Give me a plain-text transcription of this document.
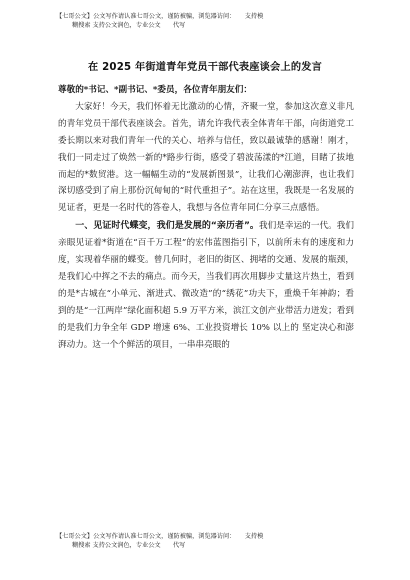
【七哥公文】公文写作请认准七哥公文，谨防被骗，浏览器访问：　　支持模
糊搜索 支持公文润色，专业公文　　代写
在 2025 年街道青年党员干部代表座谈会上的发言

尊敬的*书记、*副书记、*委员，各位青年朋友们：

大家好！今天，我们怀着无比激动的心情，齐聚一堂，参加这次意义非凡的青年党员干部代表座谈会。首先，请允许我代表全体青年干部，向街道党工委长期以来对我们青年一代的关心、培养与信任，致以最诚挚的感谢！刚才，我们一同走过了焕然一新的*路步行街，感受了碧波荡漾的*江道，目睹了拔地而起的*数贸港。这一幅幅生动的“发展新图景”，让我们心潮澎湃，也让我们深切感受到了肩上那份沉甸甸的“时代重担子”。站在这里，我既是一名发展的见证者，更是一名时代的答卷人，我想与各位青年同仁分享三点感悟。

一、见证时代蝶变，我们是发展的“亲历者”。我们是幸运的一代。我们亲眼见证着*街道在“百千万工程”的宏伟蓝图指引下，以前所未有的速度和力度，实现着华丽的蝶变。曾几何时，老旧的街区、拥堵的交通、发展的瓶颈，是我们心中挥之不去的痛点。而今天，当我们再次用脚步丈量这片热土，看到的是*古城在“小单元、渐进式、微改造”的“绣花”功夫下，重焕千年神韵；看到的是“一江两岸”绿化面积超 5.9 万平方米，滨江文创产业带活力迸发；看到的是我们力争全年 GDP 增速 6%、工业投资增长 10% 以上的 坚定决心和澎湃动力。这一个个鲜活的项目，一串串亮眼的

【七哥公文】公文写作请认准七哥公文，谨防被骗，浏览器访问：　　支持模
糊搜索 支持公文润色，专业公文　　代写
